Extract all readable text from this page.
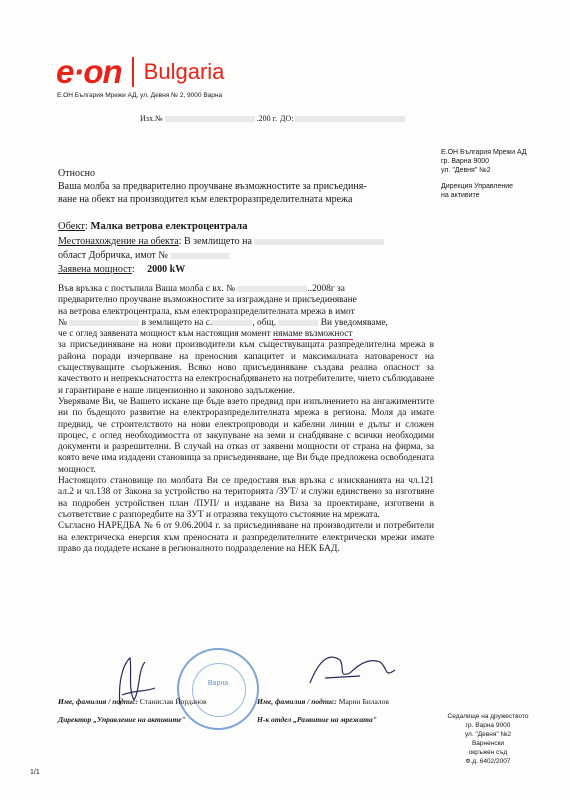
e·on Bulgaria
Е.ОН България Мрежи АД, ул. Девня № 2, 9000 Варна
Изх.№	.200 г. ДО:
Е.ОН България Мрежи АД
гр. Варна 9000
ул. "Девня" №2
Дирекция Управление
на активите
Относно
Ваша молба за предварително проучване възможностите за присъединя-
ване на обект на производител към електроразпределителната мрежа
Обект: Малка ветрова електроцентрала
Местонахождение на обекта: В землището на
област Добричка, имот №
Заявена мощност: 2000 kW

Във връзка с постъпила Ваша молба с вх. №	..2008г за

предварително проучване възможностите за изграждане и присъединяване

на ветрова електроцентрала, към електроразпределителната мрежа в имот

№	в землището на с.	, общ.	Ви уведомяваме,

че с оглед заявената мощност към настоящия момент нямаме възможност

за присъединяване на нови производители към съществуващата разпределителна мрежа в района поради изчерпване на преносния капацитет и максималната натовареност на съществуващите съоръжения. Всяко ново присъединяване създава реална опасност за качеството и непрекъснатостта на електроснабдяването на потребителите, чието съблюдаване и гарантиране е наше лицензионно и законово задължение.

Уверяваме Ви, че Вашето искане ще бъде взето предвид при изпълнението на ангажиментите ни по бъдещото развитие на електроразпределителната мрежа в региона. Моля да имате предвид, че строителството на нови електропроводи и кабелни линии е дълъг и сложен процес, с оглед необходимостта от закупуване на земи и снабдяване с всички необходими документи и разрешителни. В случай на отказ от заявени мощности от страна на фирма, за която вече има издадени становища за присъединяване, ще Ви бъде предложена освободената мощност.

Настоящото становище по молбата Ви се предоставя във връзка с изискванията на чл.121 ал.2 и чл.138 от Закона за устройство на територията /ЗУТ/ и служи единствено за изготвяне на подробен устройствен план /ПУП/ и издаване на Виза за проектиране, изготвени в съответствие с разпоредбите на ЗУТ и отразява текущото състояние на мрежата.

Съгласно НАРЕДБА № 6 от 9.06.2004 г. за присъединяване на производители и потребители на електрическа енергия към преносната и разпределителните електрически мрежи имате право да подадете искане в регионалното подразделение на НЕК БАД.

Варна
Име, фамилия / подпис: Станислав Йорданов
Директор „Управление на активите"
Име, фамилия / подпис: Марин Билалов
Н-к отдел „Развитие на мрежата"	Седалище на дружеството
гр. Варна 9000
ул. "Девня" №2
Варненски
окръжен съд
Ф.д. 6402/2007
1/1
